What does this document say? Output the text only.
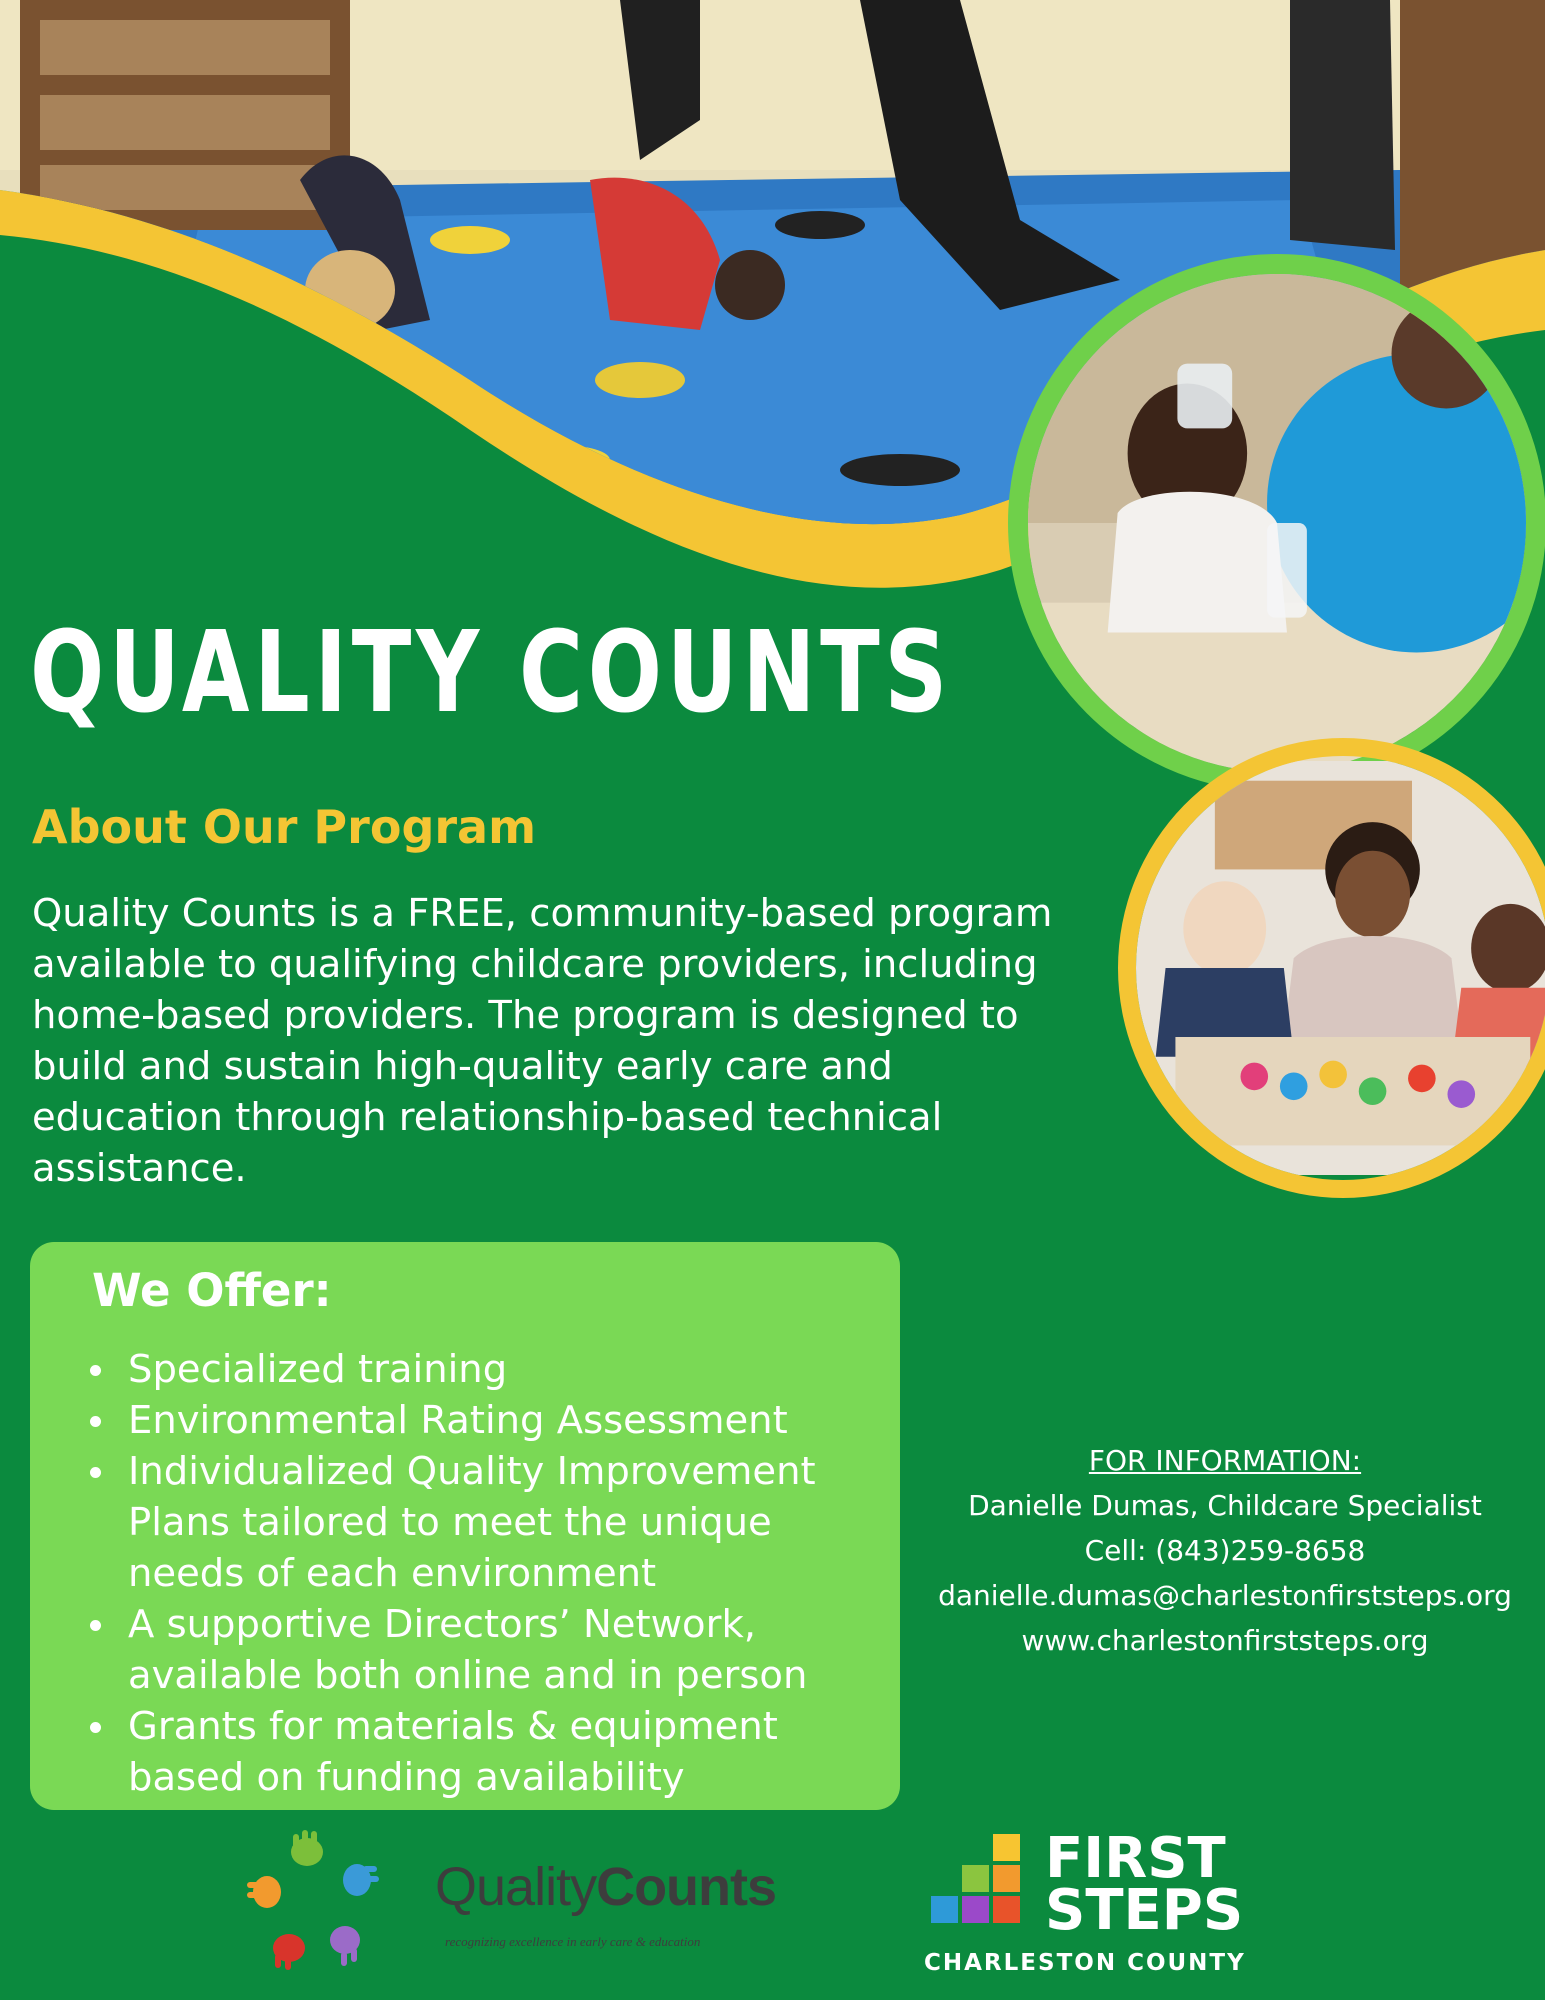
QUALITY COUNTS
About Our Program
Quality Counts is a FREE, community-based program available to qualifying childcare providers, including home-based providers. The program is designed to build and sustain high-quality early care and education through relationship-based technical assistance.
We Offer:
Specialized training
Environmental Rating Assessment
Individualized Quality Improvement Plans tailored to meet the unique needs of each environment
A supportive Directors’ Network, available both online and in person
Grants for materials & equipment based on funding availability
FOR INFORMATION:
Danielle Dumas, Childcare Specialist
Cell: (843)259-8658
danielle.dumas@charlestonfirststeps.org
www.charlestonfirststeps.org
QualityCounts
recognizing excellence in early care & education
FIRST
STEPS
CHARLESTON COUNTY
